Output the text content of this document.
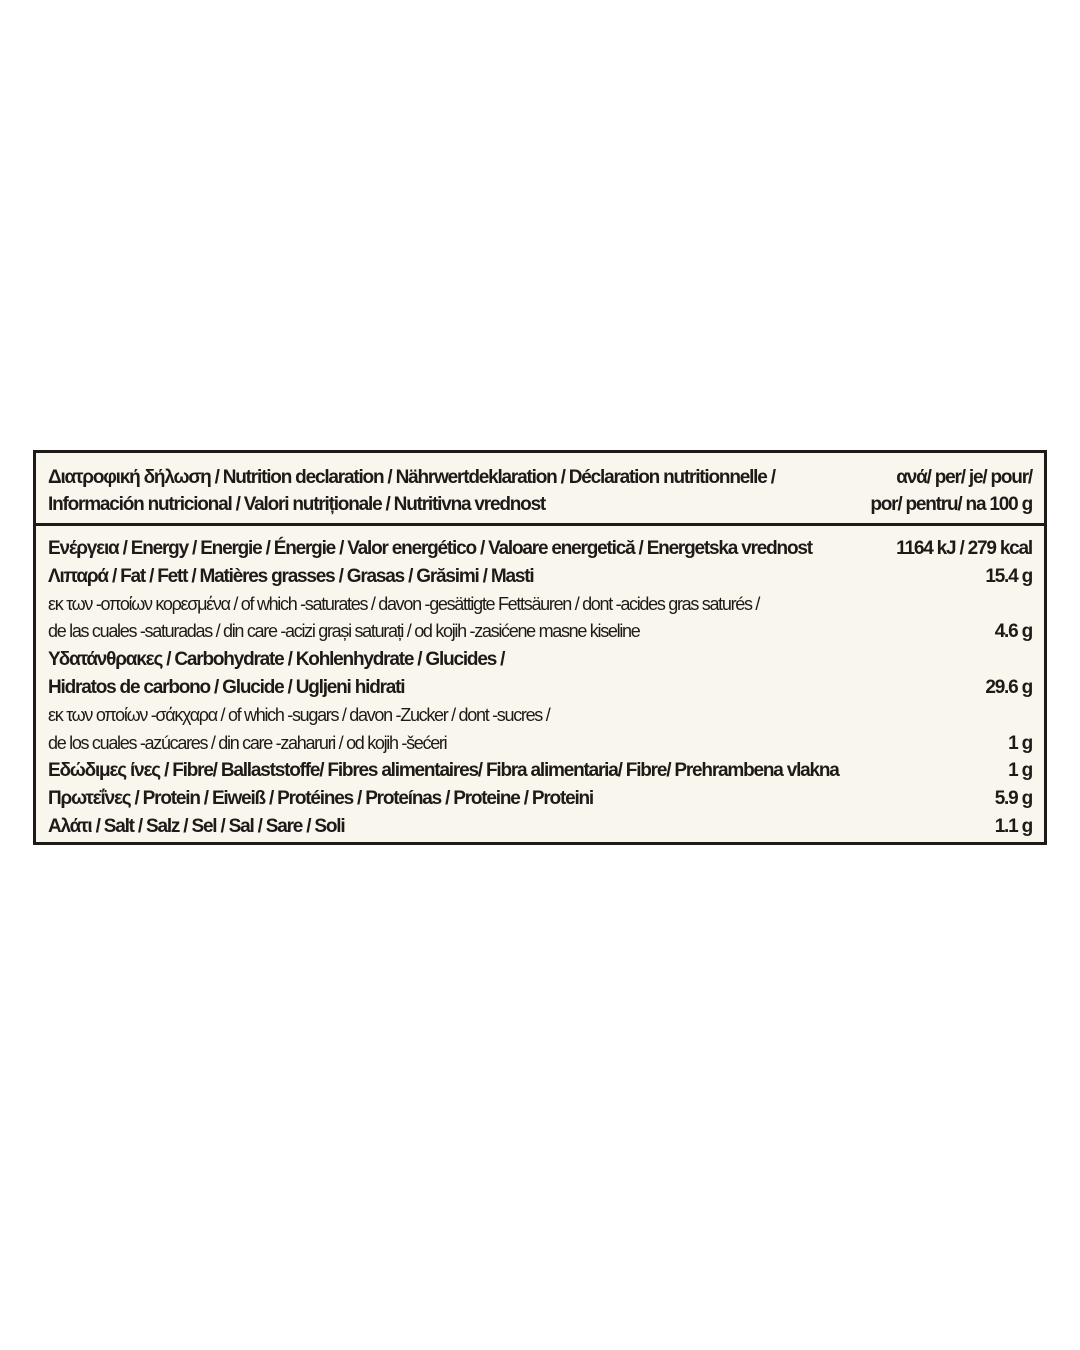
Διατροφική δήλωση / Nutrition declaration / Nährwertdeklaration / Déclaration nutritionnelle / Información nutricional / Valori nutriționale / Nutritivna vrednost
ανά/ per/ je/ pour/
por/ pentru/ na 100 g
Ενέργεια / Energy / Energie / Énergie / Valor energético / Valoare energetică / Energetska vrednost	1164 kJ / 279 kcal
Λιπαρά / Fat / Fett / Matières grasses / Grasas / Grăsimi / Masti	15.4 g
εκ των -οποίων κορεσμένα / of which -saturates / davon -gesättigte Fettsäuren / dont -acides gras saturés /
de las cuales -saturadas / din care -acizi grași saturați / od kojih -zasićene masne kiseline	4.6 g
Υδατάνθρακες / Carbohydrate / Kohlenhydrate / Glucides /
Hidratos de carbono / Glucide / Ugljeni hidrati	29.6 g
εκ των οποίων -σάκχαρα / of which -sugars / davon -Zucker / dont -sucres /
de los cuales -azúcares / din care -zaharuri / od kojih -šećeri	1 g
Εδώδιμες ίνες / Fibre/ Ballaststoffe/ Fibres alimentaires/ Fibra alimentaria/ Fibre/ Prehrambena vlakna	1 g
Πρωτεΐνες / Protein / Eiweiß / Protéines / Proteínas / Proteine / Proteini	5.9 g
Αλάτι / Salt / Salz / Sel / Sal / Sare / Soli	1.1 g
